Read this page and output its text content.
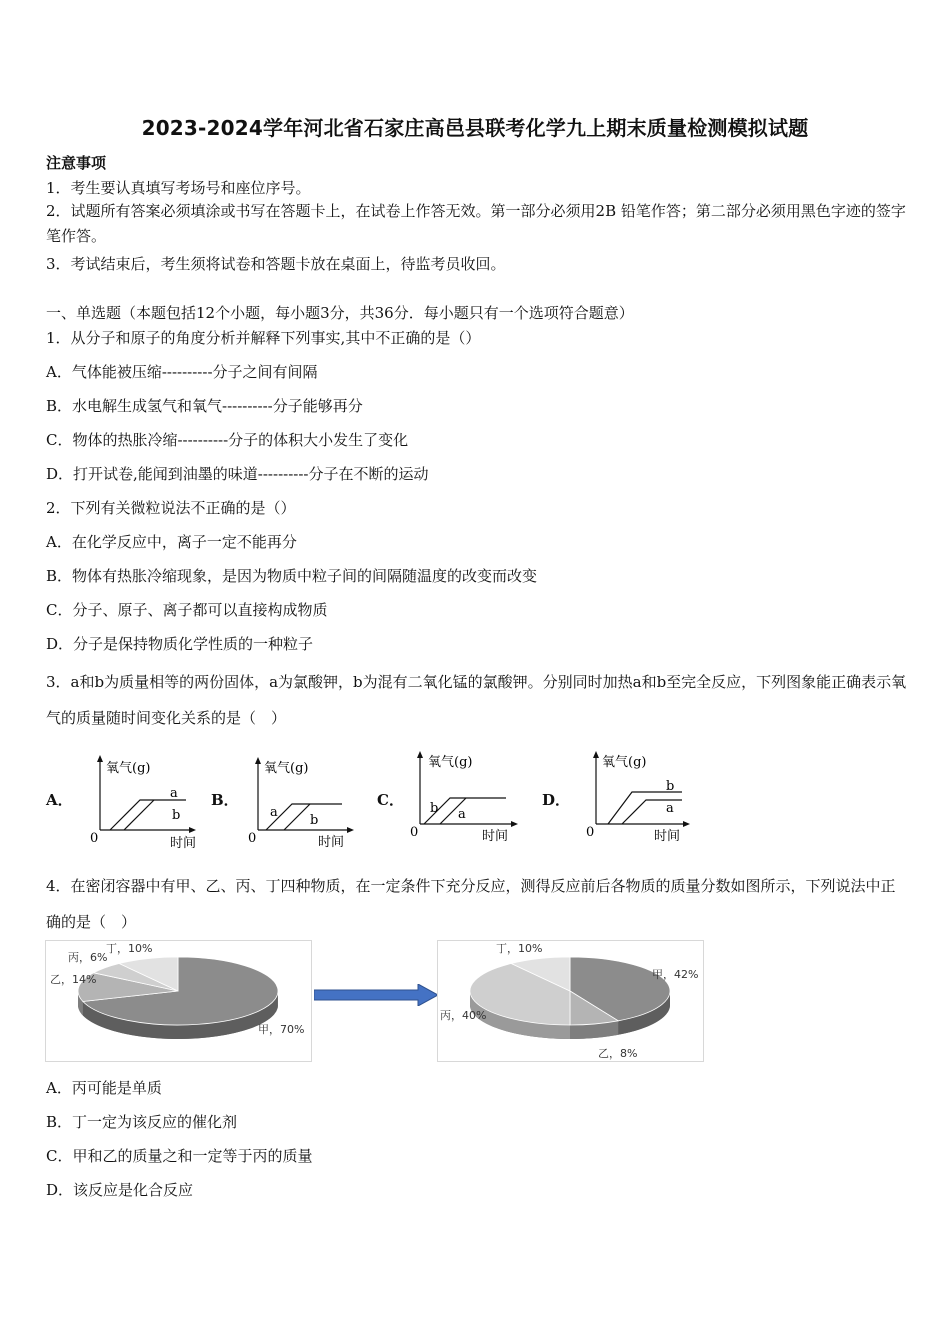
2023-2024学年河北省石家庄高邑县联考化学九上期末质量检测模拟试题
注意事项
1．考生要认真填写考场号和座位序号。
2．试题所有答案必须填涂或书写在答题卡上，在试卷上作答无效。第一部分必须用2B 铅笔作答；第二部分必须用黑色字迹的签字笔作答。
3．考试结束后，考生须将试卷和答题卡放在桌面上，待监考员收回。
一、单选题（本题包括12个小题，每小题3分，共36分．每小题只有一个选项符合题意）
1．从分子和原子的角度分析并解释下列事实,其中不正确的是（）
A．气体能被压缩----------分子之间有间隔
B．水电解生成氢气和氧气----------分子能够再分
C．物体的热胀冷缩----------分子的体积大小发生了变化
D．打开试卷,能闻到油墨的味道----------分子在不断的运动
2．下列有关微粒说法不正确的是（）
A．在化学反应中，离子一定不能再分
B．物体有热胀冷缩现象，是因为物质中粒子间的间隔随温度的改变而改变
C．分子、原子、离子都可以直接构成物质
D．分子是保持物质化学性质的一种粒子
3．a和b为质量相等的两份固体，a为氯酸钾，b为混有二氧化锰的氯酸钾。分别同时加热a和b至完全反应，下列图象能正确表示氧气的质量随时间变化关系的是（　）
A．	B．	C．	D．
氧气(g)
时间
0
a
b
氧气(g)
时间
0
a
b
氧气(g)
时间
0
b a
氧气(g)
时间
0
b
a
4．在密闭容器中有甲、乙、丙、丁四种物质，在一定条件下充分反应，测得反应前后各物质的质量分数如图所示，下列说法中正确的是（　）
甲，70%
乙，14%
丙，6%
丁，10%
甲，42%
乙，8%
丙，40%
丁，10%
A．丙可能是单质
B．丁一定为该反应的催化剂
C．甲和乙的质量之和一定等于丙的质量
D．该反应是化合反应
